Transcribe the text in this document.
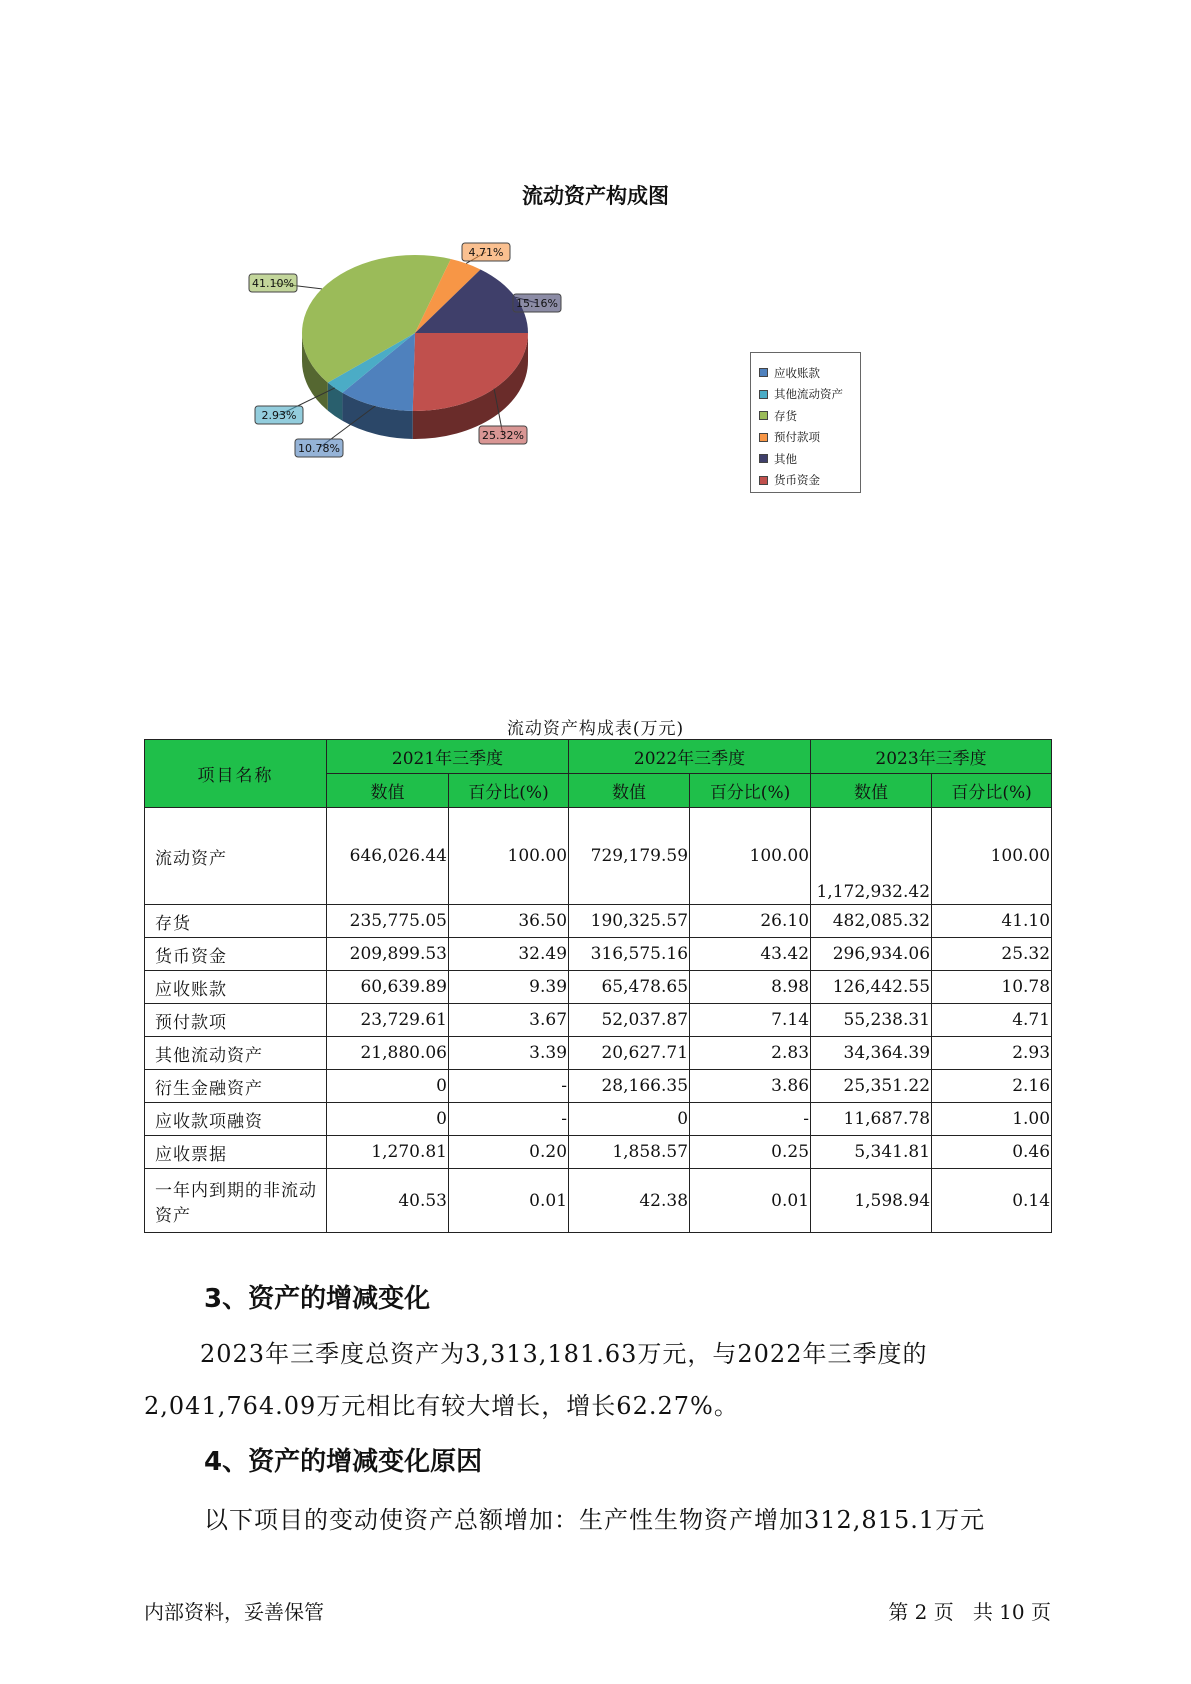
流动资产构成图
4.71%
15.16%
25.32%
10.78%
2.93%
41.10%
应收账款
其他流动资产
存货
预付款项
其他
货币资金
流动资产构成表(万元)
项目名称	2021年三季度		2022年三季度		2023年三季度	
	数值	百分比(%)	数值	百分比(%)	数值	百分比(%)
流动资产	646,026.44	100.00	729,179.59	100.00	1,172,932.42	100.00
存货	235,775.05	36.50	190,325.57	26.10	482,085.32	41.10
货币资金	209,899.53	32.49	316,575.16	43.42	296,934.06	25.32
应收账款	60,639.89	9.39	65,478.65	8.98	126,442.55	10.78
预付款项	23,729.61	3.67	52,037.87	7.14	55,238.31	4.71
其他流动资产	21,880.06	3.39	20,627.71	2.83	34,364.39	2.93
衍生金融资产	0	-	28,166.35	3.86	25,351.22	2.16
应收款项融资	0	-	0	-	11,687.78	1.00
应收票据	1,270.81	0.20	1,858.57	0.25	5,341.81	0.46
一年内到期的非流动资产	40.53	0.01	42.38	0.01	1,598.94	0.14
3、资产的增减变化
2023年三季度总资产为3,313,181.63万元，与2022年三季度的2,041,764.09万元相比有较大增长，增长62.27%。
4、资产的增减变化原因
以下项目的变动使资产总额增加：生产性生物资产增加312,815.1万元
内部资料，妥善保管	第 2 页   共 10 页
